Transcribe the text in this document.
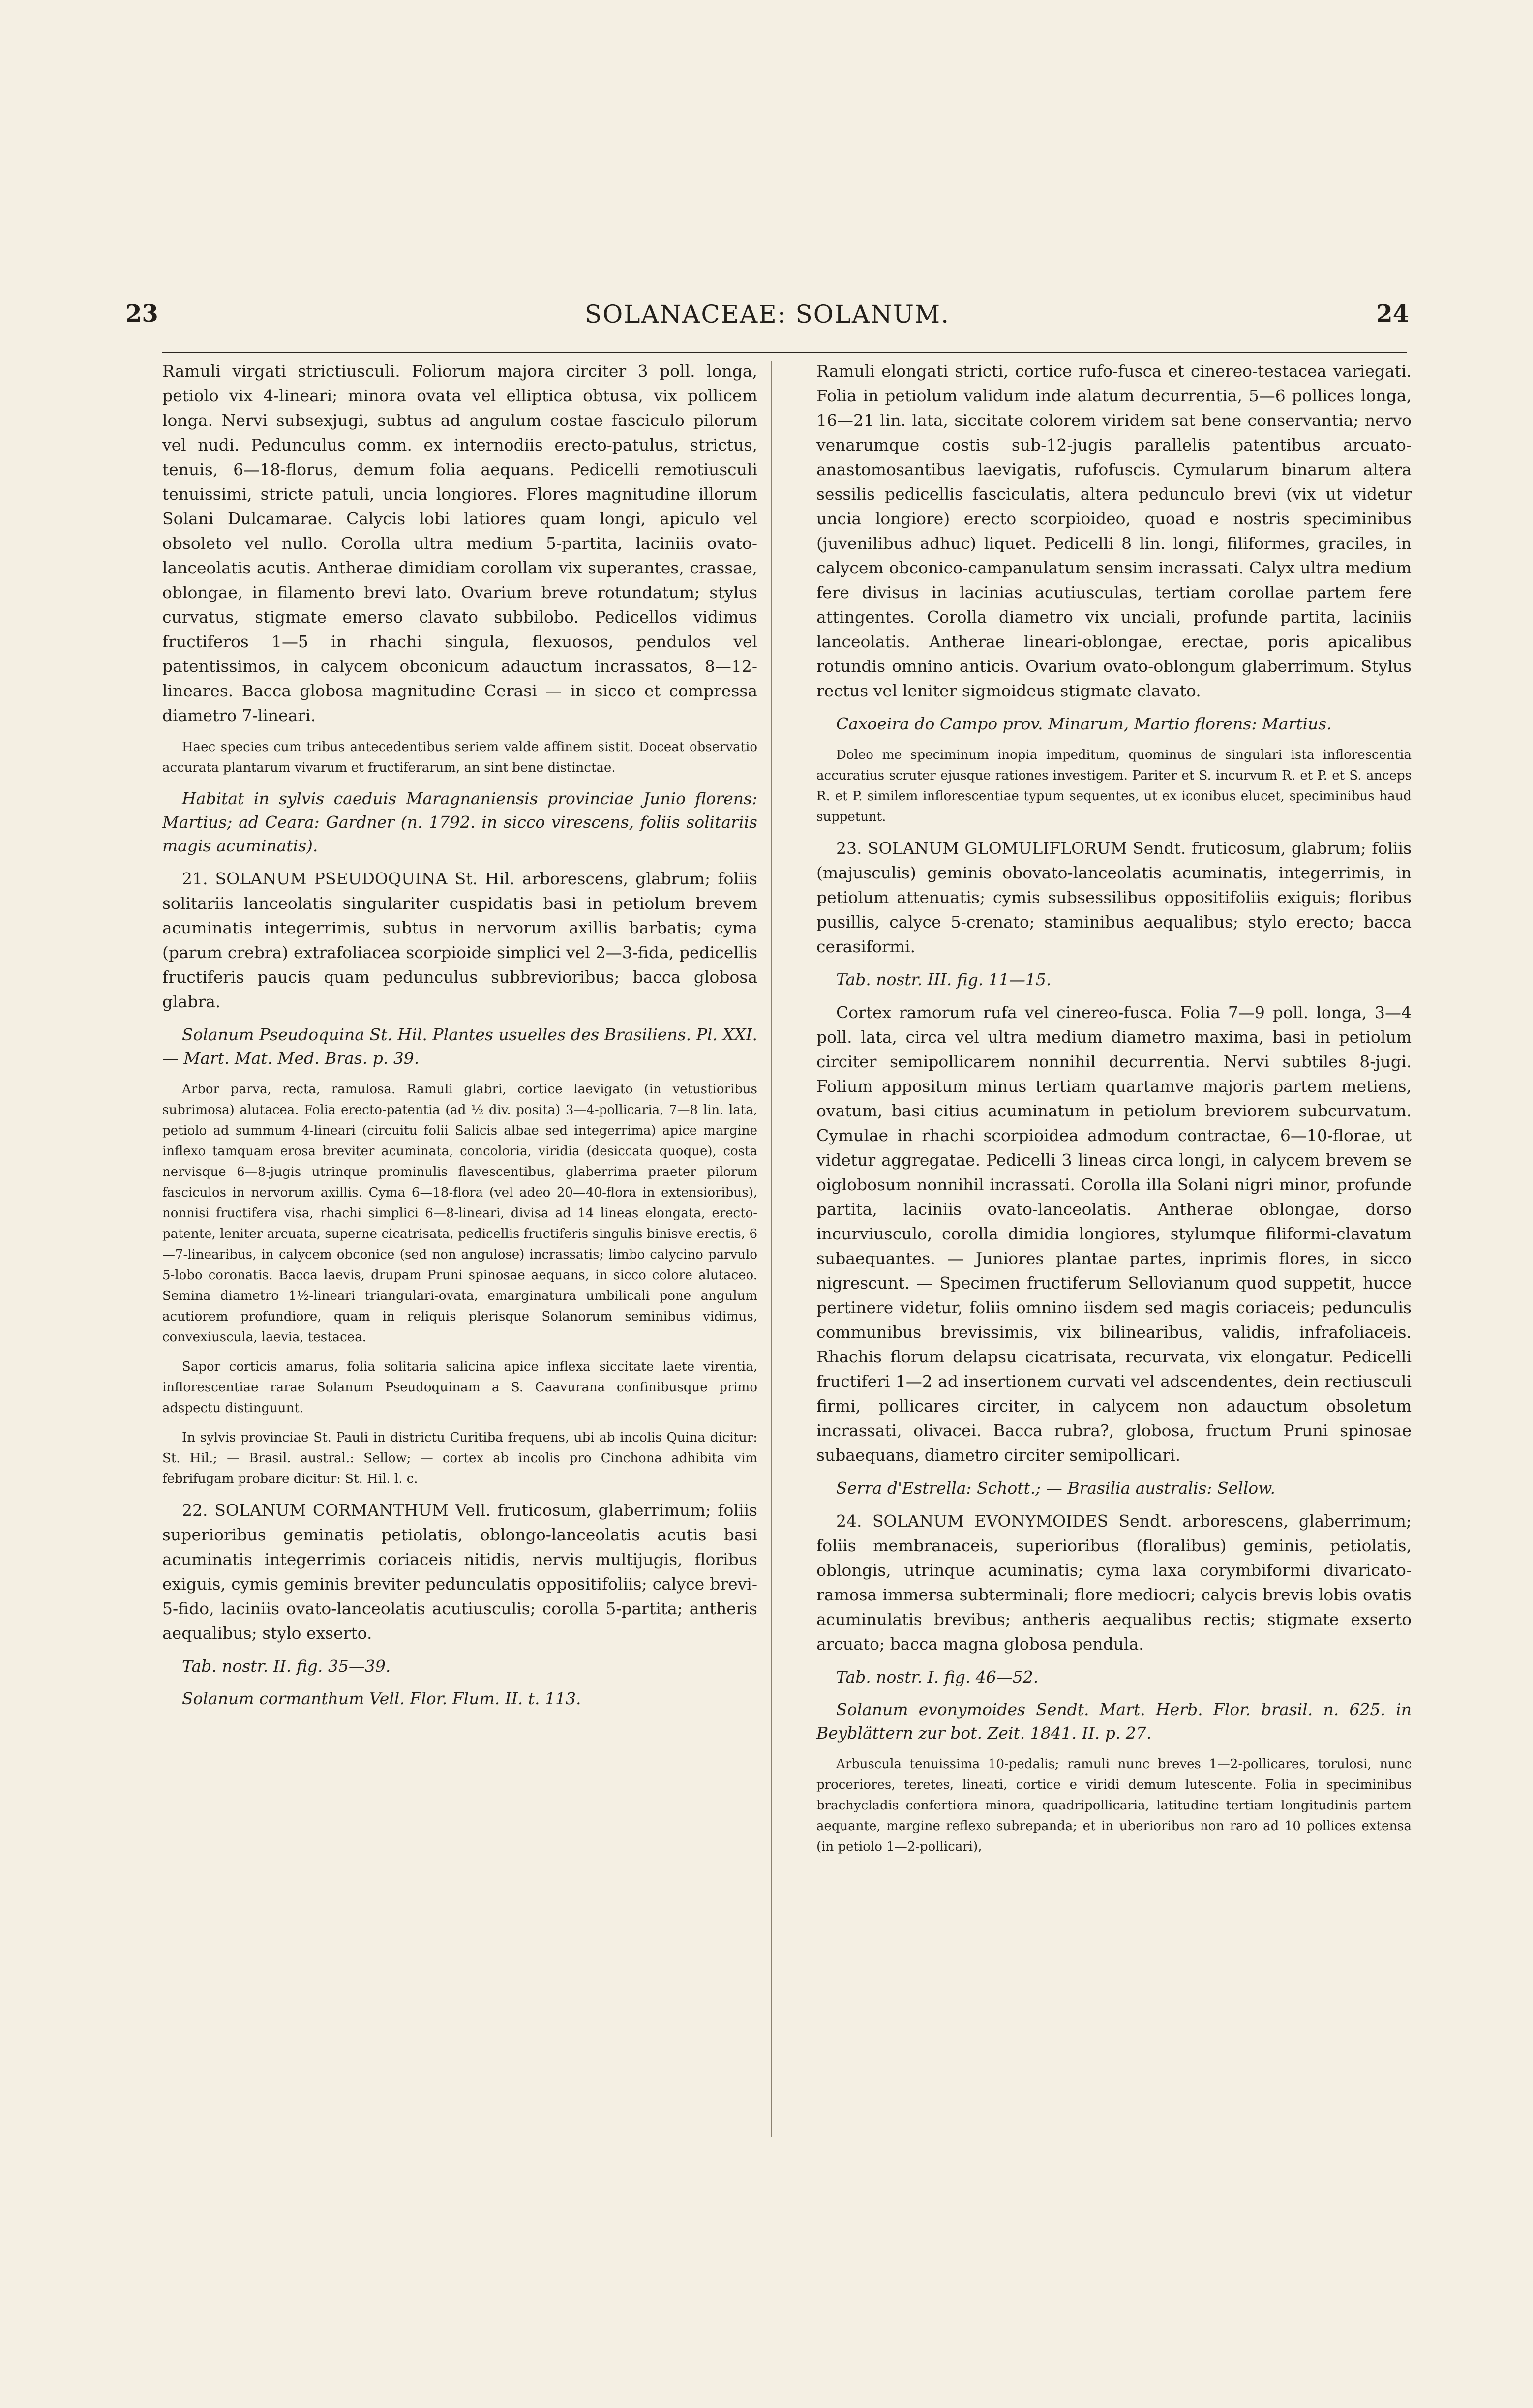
23	SOLANACEAE: SOLANUM.	24

Ramuli virgati strictiusculi. Foliorum majora circiter 3 poll. longa, petiolo vix 4-lineari; minora ovata vel elliptica obtusa, vix pollicem longa. Nervi subsexjugi, subtus ad angulum costae fasciculo pilorum vel nudi. Pedunculus comm. ex internodiis erecto-patulus, strictus, tenuis, 6—18-florus, demum folia aequans. Pedicelli remotiusculi tenuissimi, stricte patuli, uncia longiores. Flores magnitudine illorum Solani Dulcamarae. Calycis lobi latiores quam longi, apiculo vel obsoleto vel nullo. Corolla ultra medium 5-partita, laciniis ovato-lanceolatis acutis. Antherae dimidiam corollam vix superantes, crassae, oblongae, in filamento brevi lato. Ovarium breve rotundatum; stylus curvatus, stigmate emerso clavato subbilobo. Pedicellos vidimus fructiferos 1—5 in rhachi singula, flexuosos, pendulos vel patentissimos, in calycem obconicum adauctum incrassatos, 8—12-lineares. Bacca globosa magnitudine Cerasi — in sicco et compressa diametro 7-lineari.

Haec species cum tribus antecedentibus seriem valde affinem sistit. Doceat observatio accurata plantarum vivarum et fructiferarum, an sint bene distinctae.

Habitat in sylvis caeduis Maragnaniensis provinciae Junio florens: Martius; ad Ceara: Gardner (n. 1792. in sicco virescens, foliis solitariis magis acuminatis).

21. SOLANUM PSEUDOQUINA St. Hil. arborescens, glabrum; foliis solitariis lanceolatis singulariter cuspidatis basi in petiolum brevem acuminatis integerrimis, subtus in nervorum axillis barbatis; cyma (parum crebra) extrafoliacea scorpioide simplici vel 2—3-fida, pedicellis fructiferis paucis quam pedunculus subbrevioribus; bacca globosa glabra.

Solanum Pseudoquina St. Hil. Plantes usuelles des Brasiliens. Pl. XXI. — Mart. Mat. Med. Bras. p. 39.

Arbor parva, recta, ramulosa. Ramuli glabri, cortice laevigato (in vetustioribus subrimosa) alutacea. Folia erecto-patentia (ad ½ div. posita) 3—4-pollicaria, 7—8 lin. lata, petiolo ad summum 4-lineari (circuitu folii Salicis albae sed integerrima) apice margine inflexo tamquam erosa breviter acuminata, concoloria, viridia (desiccata quoque), costa nervisque 6—8-jugis utrinque prominulis flavescentibus, glaberrima praeter pilorum fasciculos in nervorum axillis. Cyma 6—18-flora (vel adeo 20—40-flora in extensioribus), nonnisi fructifera visa, rhachi simplici 6—8-lineari, divisa ad 14 lineas elongata, erecto-patente, leniter arcuata, superne cicatrisata, pedicellis fructiferis singulis binisve erectis, 6—7-linearibus, in calycem obconice (sed non angulose) incrassatis; limbo calycino parvulo 5-lobo coronatis. Bacca laevis, drupam Pruni spinosae aequans, in sicco colore alutaceo. Semina diametro 1½-lineari triangulari-ovata, emarginatura umbilicali pone angulum acutiorem profundiore, quam in reliquis plerisque Solanorum seminibus vidimus, convexiuscula, laevia, testacea.

Sapor corticis amarus, folia solitaria salicina apice inflexa siccitate laete virentia, inflorescentiae rarae Solanum Pseudoquinam a S. Caavurana confinibusque primo adspectu distinguunt.

In sylvis provinciae St. Pauli in districtu Curitiba frequens, ubi ab incolis Quina dicitur: St. Hil.; — Brasil. austral.: Sellow; — cortex ab incolis pro Cinchona adhibita vim febrifugam probare dicitur: St. Hil. l. c.

22. SOLANUM CORMANTHUM Vell. fruticosum, glaberrimum; foliis superioribus geminatis petiolatis, oblongo-lanceolatis acutis basi acuminatis integerrimis coriaceis nitidis, nervis multijugis, floribus exiguis, cymis geminis breviter pedunculatis oppositifoliis; calyce brevi-5-fido, laciniis ovato-lanceolatis acutiusculis; corolla 5-partita; antheris aequalibus; stylo exserto.

Tab. nostr. II. fig. 35—39.

Solanum cormanthum Vell. Flor. Flum. II. t. 113.

Ramuli elongati stricti, cortice rufo-fusca et cinereo-testacea variegati. Folia in petiolum validum inde alatum decurrentia, 5—6 pollices longa, 16—21 lin. lata, siccitate colorem viridem sat bene conservantia; nervo venarumque costis sub-12-jugis parallelis patentibus arcuato-anastomosantibus laevigatis, rufofuscis. Cymularum binarum altera sessilis pedicellis fasciculatis, altera pedunculo brevi (vix ut videtur uncia longiore) erecto scorpioideo, quoad e nostris speciminibus (juvenilibus adhuc) liquet. Pedicelli 8 lin. longi, filiformes, graciles, in calycem obconico-campanulatum sensim incrassati. Calyx ultra medium fere divisus in lacinias acutiusculas, tertiam corollae partem fere attingentes. Corolla diametro vix unciali, profunde partita, laciniis lanceolatis. Antherae lineari-oblongae, erectae, poris apicalibus rotundis omnino anticis. Ovarium ovato-oblongum glaberrimum. Stylus rectus vel leniter sigmoideus stigmate clavato.

Caxoeira do Campo prov. Minarum, Martio florens: Martius.

Doleo me speciminum inopia impeditum, quominus de singulari ista inflorescentia accuratius scruter ejusque rationes investigem. Pariter et S. incurvum R. et P. et S. anceps R. et P. similem inflorescentiae typum sequentes, ut ex iconibus elucet, speciminibus haud suppetunt.

23. SOLANUM GLOMULIFLORUM Sendt. fruticosum, glabrum; foliis (majusculis) geminis obovato-lanceolatis acuminatis, integerrimis, in petiolum attenuatis; cymis subsessilibus oppositifoliis exiguis; floribus pusillis, calyce 5-crenato; staminibus aequalibus; stylo erecto; bacca cerasiformi.

Tab. nostr. III. fig. 11—15.

Cortex ramorum rufa vel cinereo-fusca. Folia 7—9 poll. longa, 3—4 poll. lata, circa vel ultra medium diametro maxima, basi in petiolum circiter semipollicarem nonnihil decurrentia. Nervi subtiles 8-jugi. Folium appositum minus tertiam quartamve majoris partem metiens, ovatum, basi citius acuminatum in petiolum breviorem subcurvatum. Cymulae in rhachi scorpioidea admodum contractae, 6—10-florae, ut videtur aggregatae. Pedicelli 3 lineas circa longi, in calycem brevem se oiglobosum nonnihil incrassati. Corolla illa Solani nigri minor, profunde partita, laciniis ovato-lanceolatis. Antherae oblongae, dorso incurviusculo, corolla dimidia longiores, stylumque filiformi-clavatum subaequantes. — Juniores plantae partes, inprimis flores, in sicco nigrescunt. — Specimen fructiferum Sellovianum quod suppetit, hucce pertinere videtur, foliis omnino iisdem sed magis coriaceis; pedunculis communibus brevissimis, vix bilinearibus, validis, infrafoliaceis. Rhachis florum delapsu cicatrisata, recurvata, vix elongatur. Pedicelli fructiferi 1—2 ad insertionem curvati vel adscendentes, dein rectiusculi firmi, pollicares circiter, in calycem non adauctum obsoletum incrassati, olivacei. Bacca rubra?, globosa, fructum Pruni spinosae subaequans, diametro circiter semipollicari.

Serra d'Estrella: Schott.; — Brasilia australis: Sellow.

24. SOLANUM EVONYMOIDES Sendt. arborescens, glaberrimum; foliis membranaceis, superioribus (floralibus) geminis, petiolatis, oblongis, utrinque acuminatis; cyma laxa corymbiformi divaricato-ramosa immersa subterminali; flore mediocri; calycis brevis lobis ovatis acuminulatis brevibus; antheris aequalibus rectis; stigmate exserto arcuato; bacca magna globosa pendula.

Tab. nostr. I. fig. 46—52.

Solanum evonymoides Sendt. Mart. Herb. Flor. brasil. n. 625. in Beyblättern zur bot. Zeit. 1841. II. p. 27.

Arbuscula tenuissima 10-pedalis; ramuli nunc breves 1—2-pollicares, torulosi, nunc proceriores, teretes, lineati, cortice e viridi demum lutescente. Folia in speciminibus brachycladis confertiora minora, quadripollicaria, latitudine tertiam longitudinis partem aequante, margine reflexo subrepanda; et in uberioribus non raro ad 10 pollices extensa (in petiolo 1—2-pollicari),
